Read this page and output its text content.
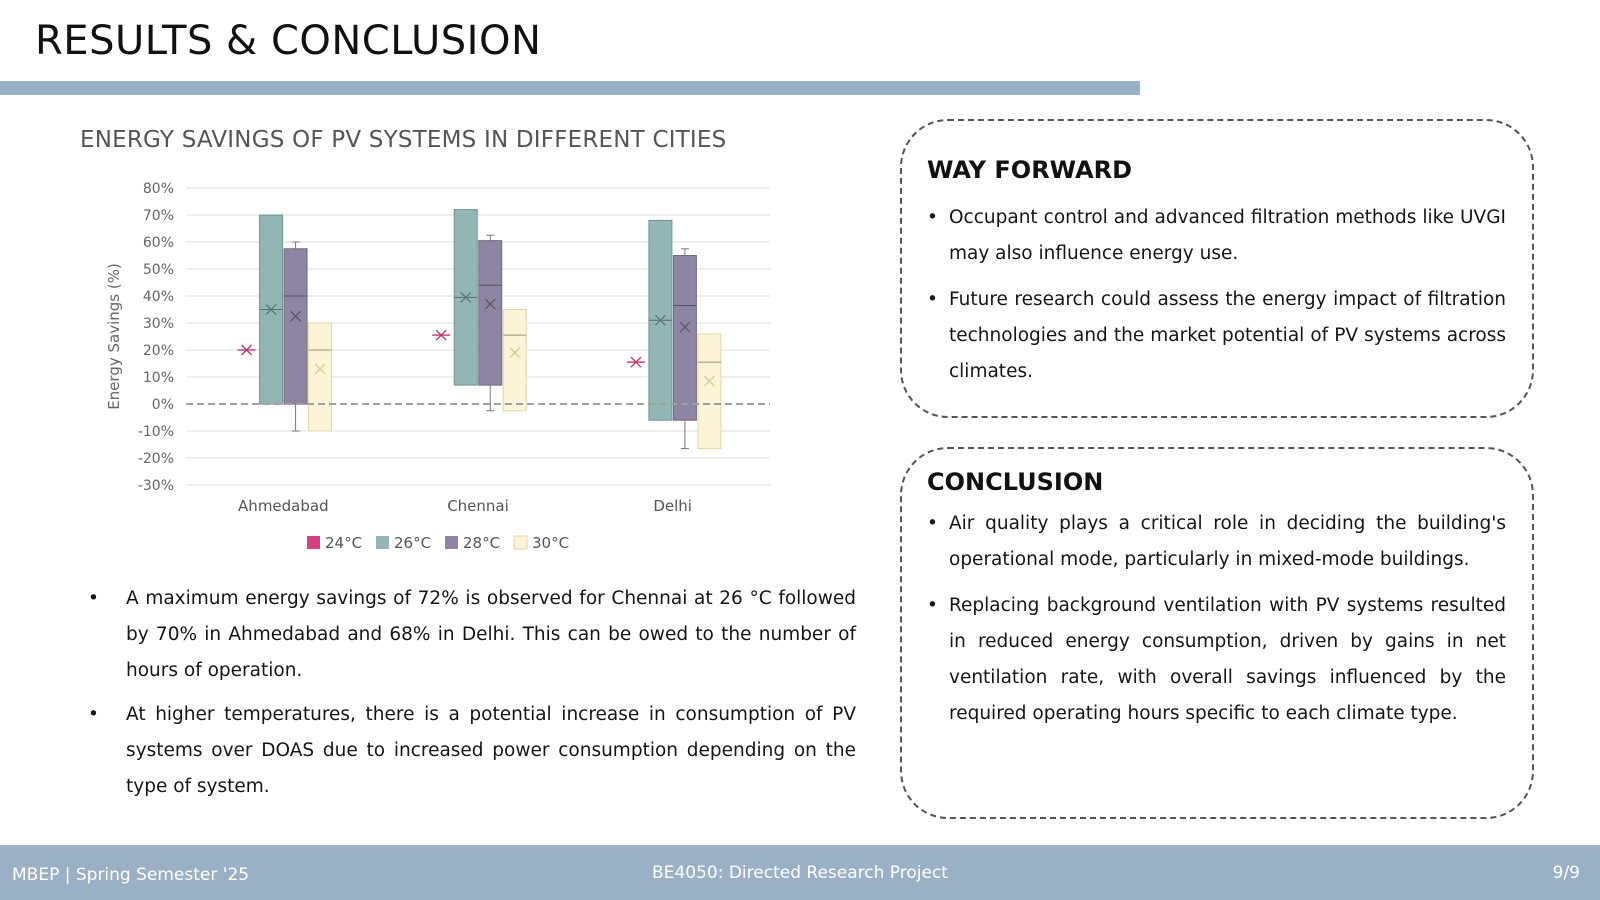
RESULTS & CONCLUSION
ENERGY SAVINGS OF PV SYSTEMS IN DIFFERENT CITIES
80%
70%
60%
50%
40%
30%
20%
10%
0%
-10%
-20%
-30%
Energy Savings (%)
Ahmedabad	Chennai	Delhi
24°C 26°C 28°C 30°C
• A maximum energy savings of 72% is observed for Chennai at 26 °C followed by 70% in Ahmedabad and 68% in Delhi. This can be owed to the number of hours of operation.
• At higher temperatures, there is a potential increase in consumption of PV systems over DOAS due to increased power consumption depending on the type of system.
WAY FORWARD
• Occupant control and advanced filtration methods like UVGI may also influence energy use.
• Future research could assess the energy impact of filtration technologies and the market potential of PV systems across climates.
CONCLUSION
• Air quality plays a critical role in deciding the building's operational mode, particularly in mixed-mode buildings.
• Replacing background ventilation with PV systems resulted in reduced energy consumption, driven by gains in net ventilation rate, with overall savings influenced by the required operating hours specific to each climate type.
MBEP | Spring Semester '25	BE4050: Directed Research Project	9/9
